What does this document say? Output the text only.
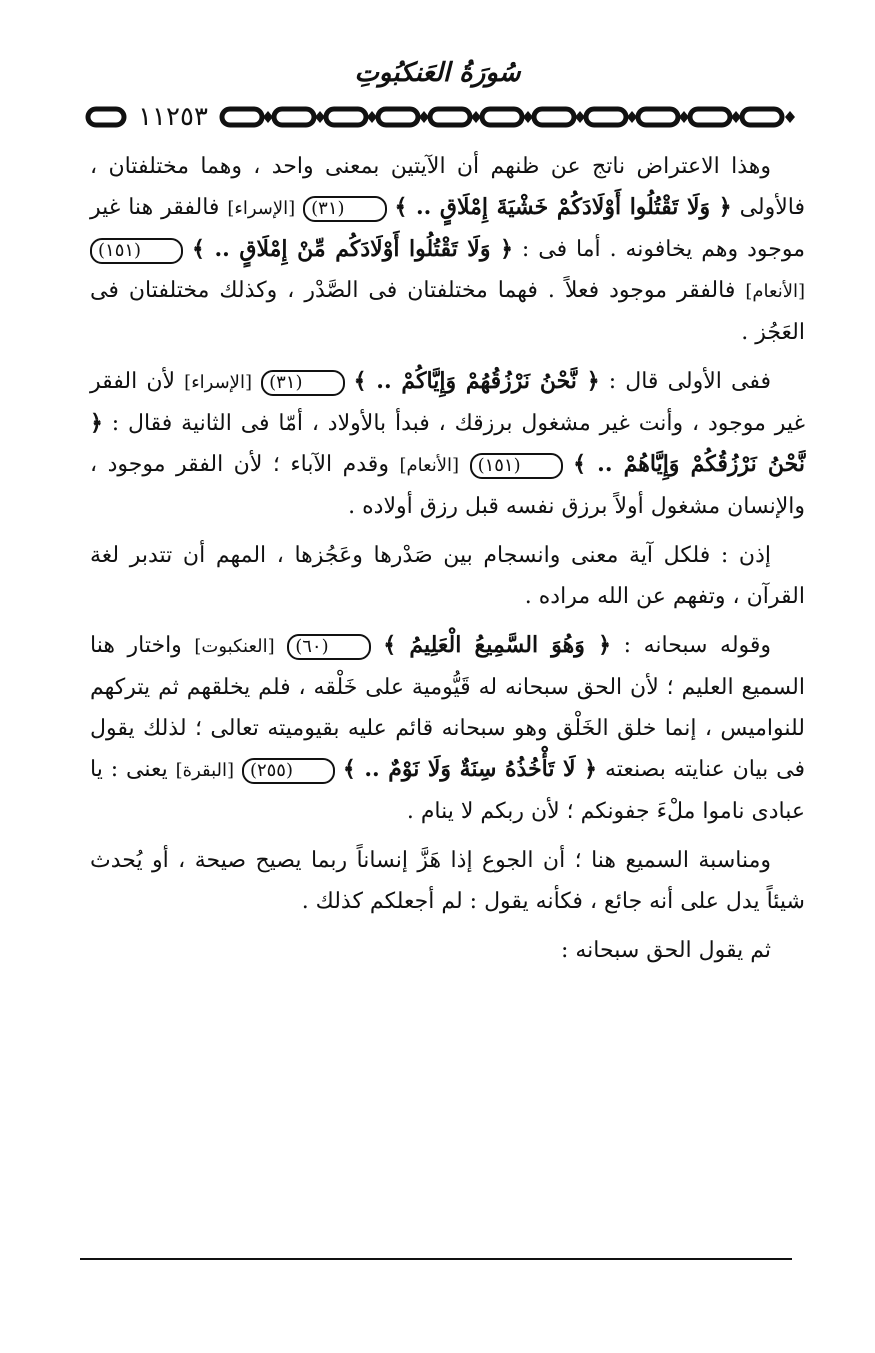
سُورَةُ العَنكبُوتِ
١١٢٥٣

وهذا الاعتراض ناتج عن ظنهم أن الآيتين بمعنى واحد ، وهما مختلفتان ، فالأولى ﴿ وَلَا تَقْتُلُوا أَوْلَادَكُمْ خَشْيَةَ إِمْلَاقٍ .. ﴾ (٣١) [الإسراء] فالفقر هنا غير موجود وهم يخافونه . أما فى : ﴿ وَلَا تَقْتُلُوا أَوْلَادَكُم مِّنْ إِمْلَاقٍ .. ﴾ (١٥١) [الأنعام] فالفقر موجود فعلاً . فهما مختلفتان فى الصَّدْر ، وكذلك مختلفتان فى العَجُز .

ففى الأولى قال : ﴿ نَّحْنُ نَرْزُقُهُمْ وَإِيَّاكُمْ .. ﴾ (٣١) [الإسراء] لأن الفقر غير موجود ، وأنت غير مشغول برزقك ، فبدأ بالأولاد ، أمّا فى الثانية فقال : ﴿ نَّحْنُ نَرْزُقُكُمْ وَإِيَّاهُمْ .. ﴾ (١٥١) [الأنعام] وقدم الآباء ؛ لأن الفقر موجود ، والإنسان مشغول أولاً برزق نفسه قبل رزق أولاده .

إذن : فلكل آية معنى وانسجام بين صَدْرها وعَجُزها ، المهم أن تتدبر لغة القرآن ، وتفهم عن الله مراده .

وقوله سبحانه : ﴿ وَهُوَ السَّمِيعُ الْعَلِيمُ ﴾ (٦٠) [العنكبوت] واختار هنا السميع العليم ؛ لأن الحق سبحانه له قَيُّومية على خَلْقه ، فلم يخلقهم ثم يتركهم للنواميس ، إنما خلق الخَلْق وهو سبحانه قائم عليه بقيوميته تعالى ؛ لذلك يقول فى بيان عنايته بصنعته ﴿ لَا تَأْخُذُهُ سِنَةٌ وَلَا نَوْمٌ .. ﴾ (٢٥٥) [البقرة] يعنى : يا عبادى ناموا ملْءَ جفونكم ؛ لأن ربكم لا ينام .

ومناسبة السميع هنا ؛ أن الجوع إذا هَزَّ إنساناً ربما يصيح صيحة ، أو يُحدث شيئاً يدل على أنه جائع ، فكأنه يقول : لم أجعلكم كذلك .

ثم يقول الحق سبحانه :
